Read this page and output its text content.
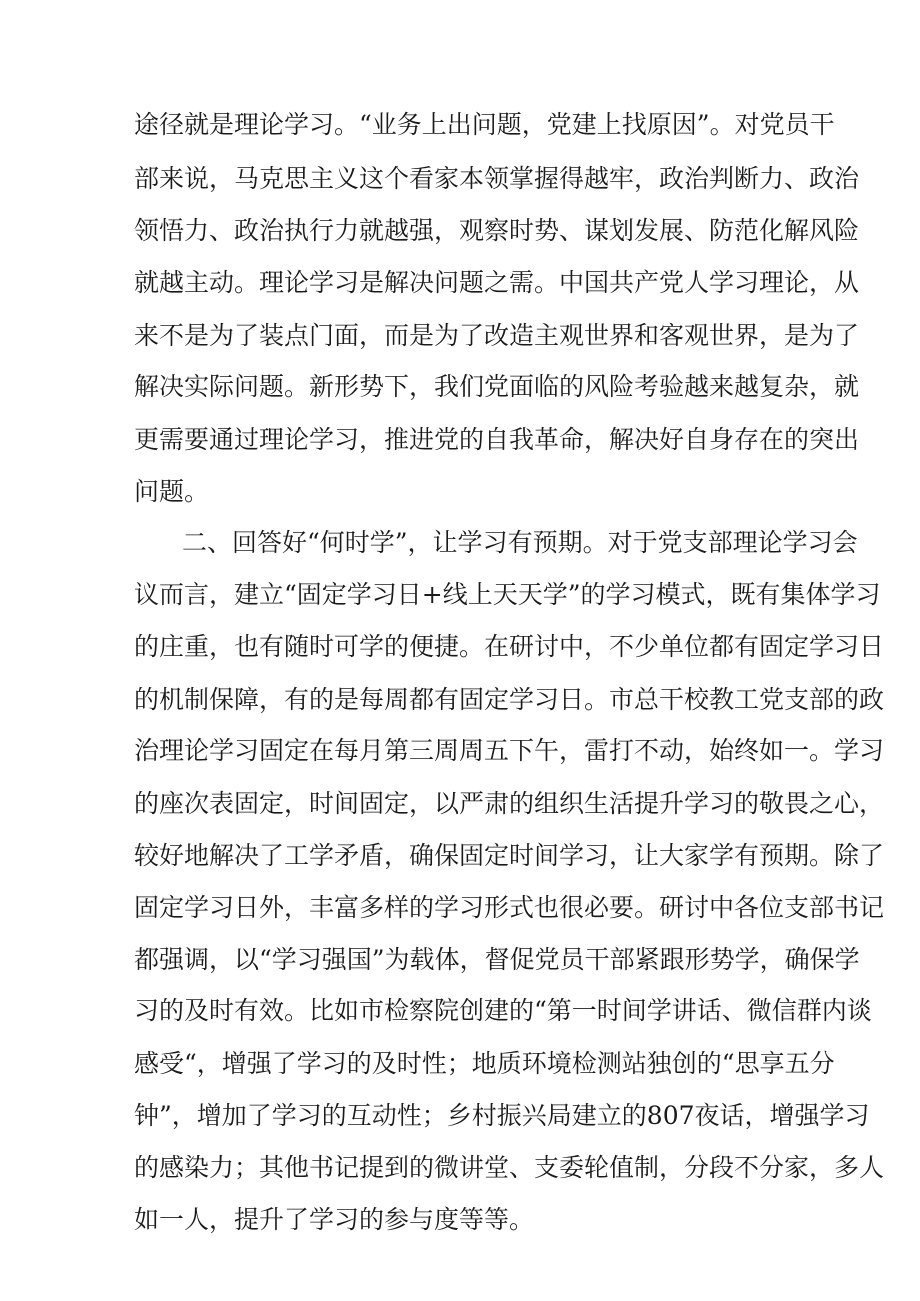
途径就是理论学习。“业务上出问题，党建上找原因”。对党员干

部来说，马克思主义这个看家本领掌握得越牢，政治判断力、政治

领悟力、政治执行力就越强，观察时势、谋划发展、防范化解风险

就越主动。理论学习是解决问题之需。中国共产党人学习理论，从

来不是为了装点门面，而是为了改造主观世界和客观世界，是为了

解决实际问题。新形势下，我们党面临的风险考验越来越复杂，就

更需要通过理论学习，推进党的自我革命，解决好自身存在的突出

问题。

二、回答好“何时学”，让学习有预期。对于党支部理论学习会

议而言，建立“固定学习日+线上天天学”的学习模式，既有集体学习

的庄重，也有随时可学的便捷。在研讨中，不少单位都有固定学习日

的机制保障，有的是每周都有固定学习日。市总干校教工党支部的政

治理论学习固定在每月第三周周五下午，雷打不动，始终如一。学习

的座次表固定，时间固定，以严肃的组织生活提升学习的敬畏之心，

较好地解决了工学矛盾，确保固定时间学习，让大家学有预期。除了

固定学习日外，丰富多样的学习形式也很必要。研讨中各位支部书记

都强调，以“学习强国”为载体，督促党员干部紧跟形势学，确保学

习的及时有效。比如市检察院创建的“第一时间学讲话、微信群内谈

感受“，增强了学习的及时性；地质环境检测站独创的“思享五分

钟”，增加了学习的互动性；乡村振兴局建立的807夜话，增强学习

的感染力；其他书记提到的微讲堂、支委轮值制，分段不分家，多人

如一人，提升了学习的参与度等等。
